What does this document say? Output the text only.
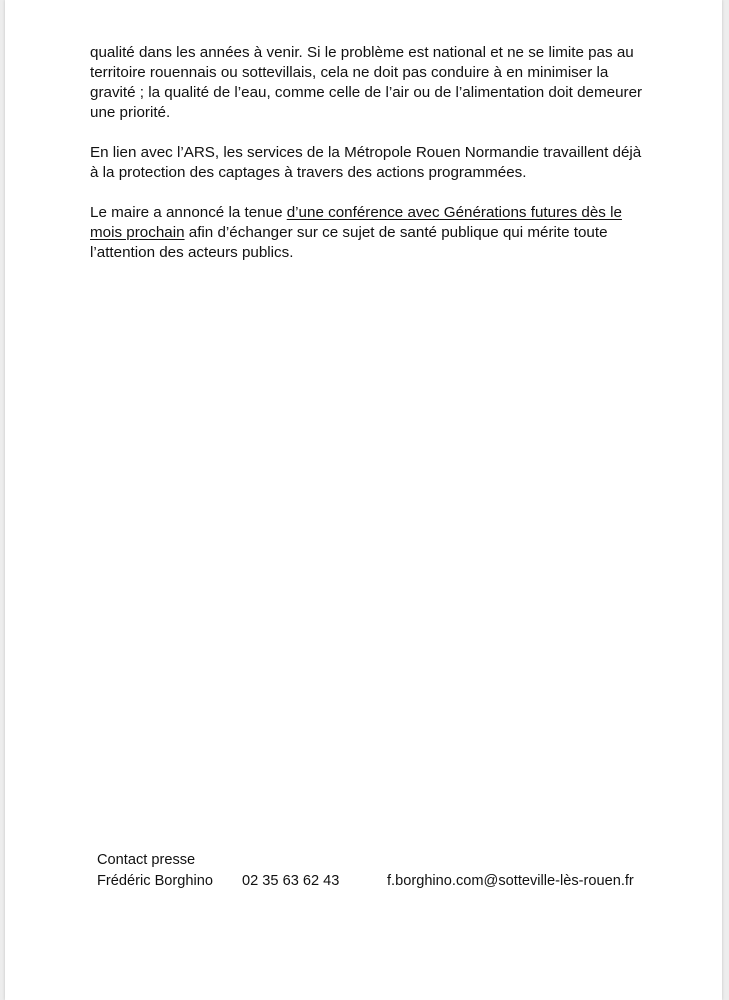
qualité dans les années à venir. Si le problème est national et ne se limite pas au territoire rouennais ou sottevillais, cela ne doit pas conduire à en minimiser la gravité ; la qualité de l’eau, comme celle de l’air ou de l’alimentation doit demeurer une priorité.

En lien avec l’ARS, les services de la Métropole Rouen Normandie travaillent déjà à la protection des captages à travers des actions programmées.

Le maire a annoncé la tenue d’une conférence avec Générations futures dès le mois prochain afin d’échanger sur ce sujet de santé publique qui mérite toute l’attention des acteurs publics.

Contact presse
Frédéric Borghino 02 35 63 62 43	f.borghino.com@sotteville-lès-rouen.fr
